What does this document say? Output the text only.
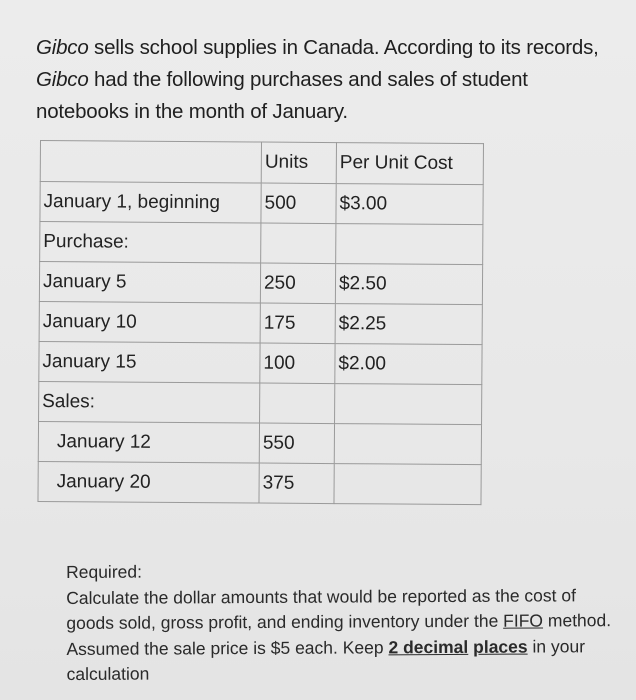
Gibco sells school supplies in Canada. According to its records,
Gibco had the following purchases and sales of student
notebooks in the month of January.
	Units	Per Unit Cost
January 1, beginning	500	$3.00
Purchase:		
January 5	250	$2.50
January 10	175	$2.25
January 15	100	$2.00
Sales:		
January 12	550	
January 20	375	
Required:
Calculate the dollar amounts that would be reported as the cost of goods sold, gross profit, and ending inventory under the FIFO method. Assumed the sale price is $5 each. Keep 2 decimal places in your calculation
